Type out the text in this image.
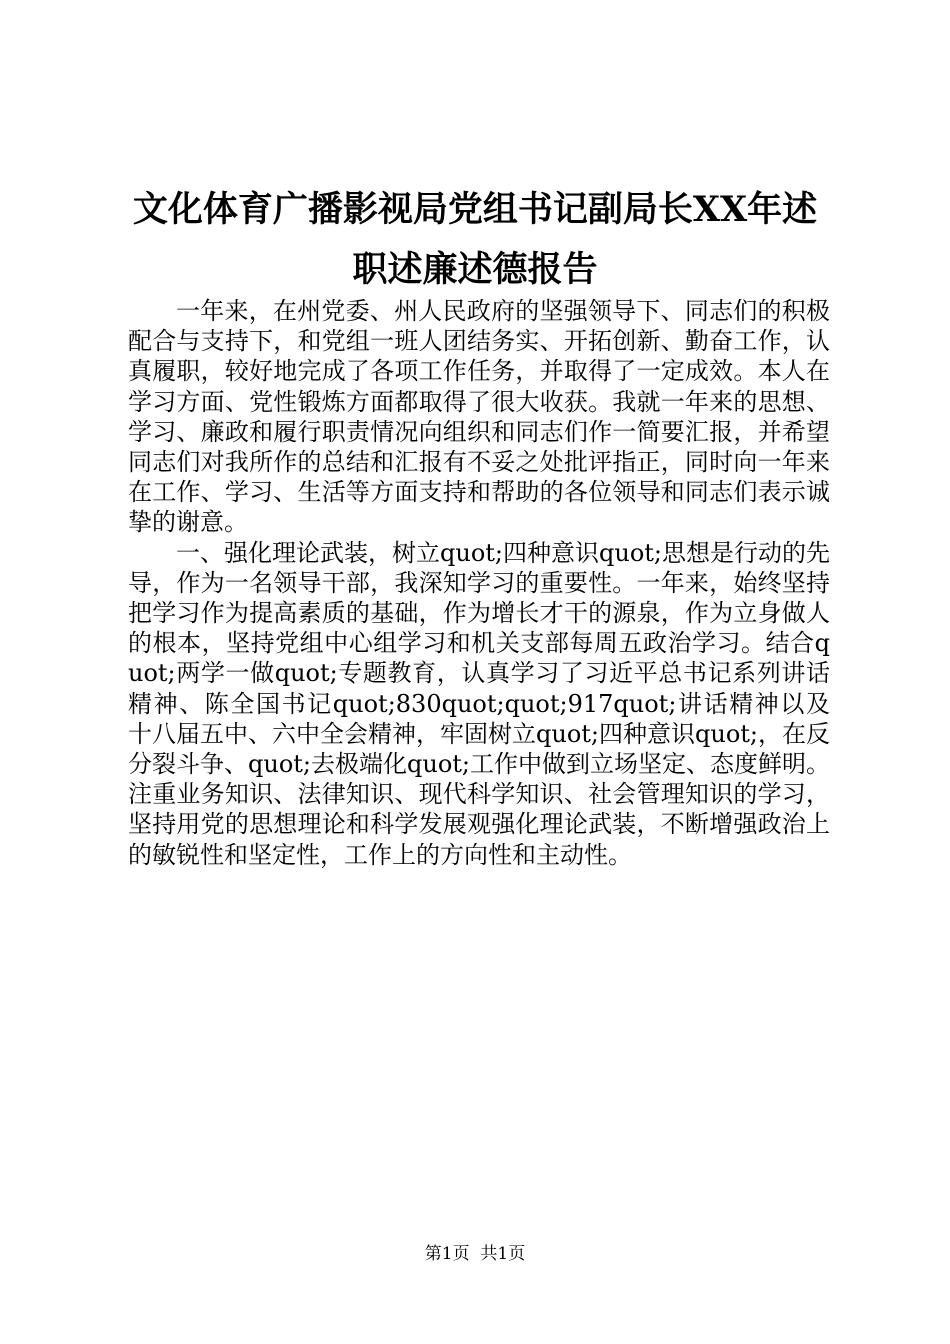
文化体育广播影视局党组书记副局长XX年述
职述廉述德报告

一年来，在州党委、州人民政府的坚强领导下、同志们的积极配合与支持下，和党组一班人团结务实、开拓创新、勤奋工作，认真履职，较好地完成了各项工作任务，并取得了一定成效。本人在学习方面、党性锻炼方面都取得了很大收获。我就一年来的思想、学习、廉政和履行职责情况向组织和同志们作一简要汇报，并希望同志们对我所作的总结和汇报有不妥之处批评指正，同时向一年来在工作、学习、生活等方面支持和帮助的各位领导和同志们表示诚挚的谢意。

一、强化理论武装，树立quot;四种意识quot;思想是行动的先导，作为一名领导干部，我深知学习的重要性。一年来，始终坚持把学习作为提高素质的基础，作为增长才干的源泉，作为立身做人的根本，坚持党组中心组学习和机关支部每周五政治学习。结合quot;两学一做quot;专题教育，认真学习了习近平总书记系列讲话精神、陈全国书记quot;830quot;quot;917quot;讲话精神以及十八届五中、六中全会精神，牢固树立quot;四种意识quot;，在反分裂斗争、quot;去极端化quot;工作中做到立场坚定、态度鲜明。注重业务知识、法律知识、现代科学知识、社会管理知识的学习，坚持用党的思想理论和科学发展观强化理论武装，不断增强政治上的敏锐性和坚定性，工作上的方向性和主动性。

第1页  共1页
